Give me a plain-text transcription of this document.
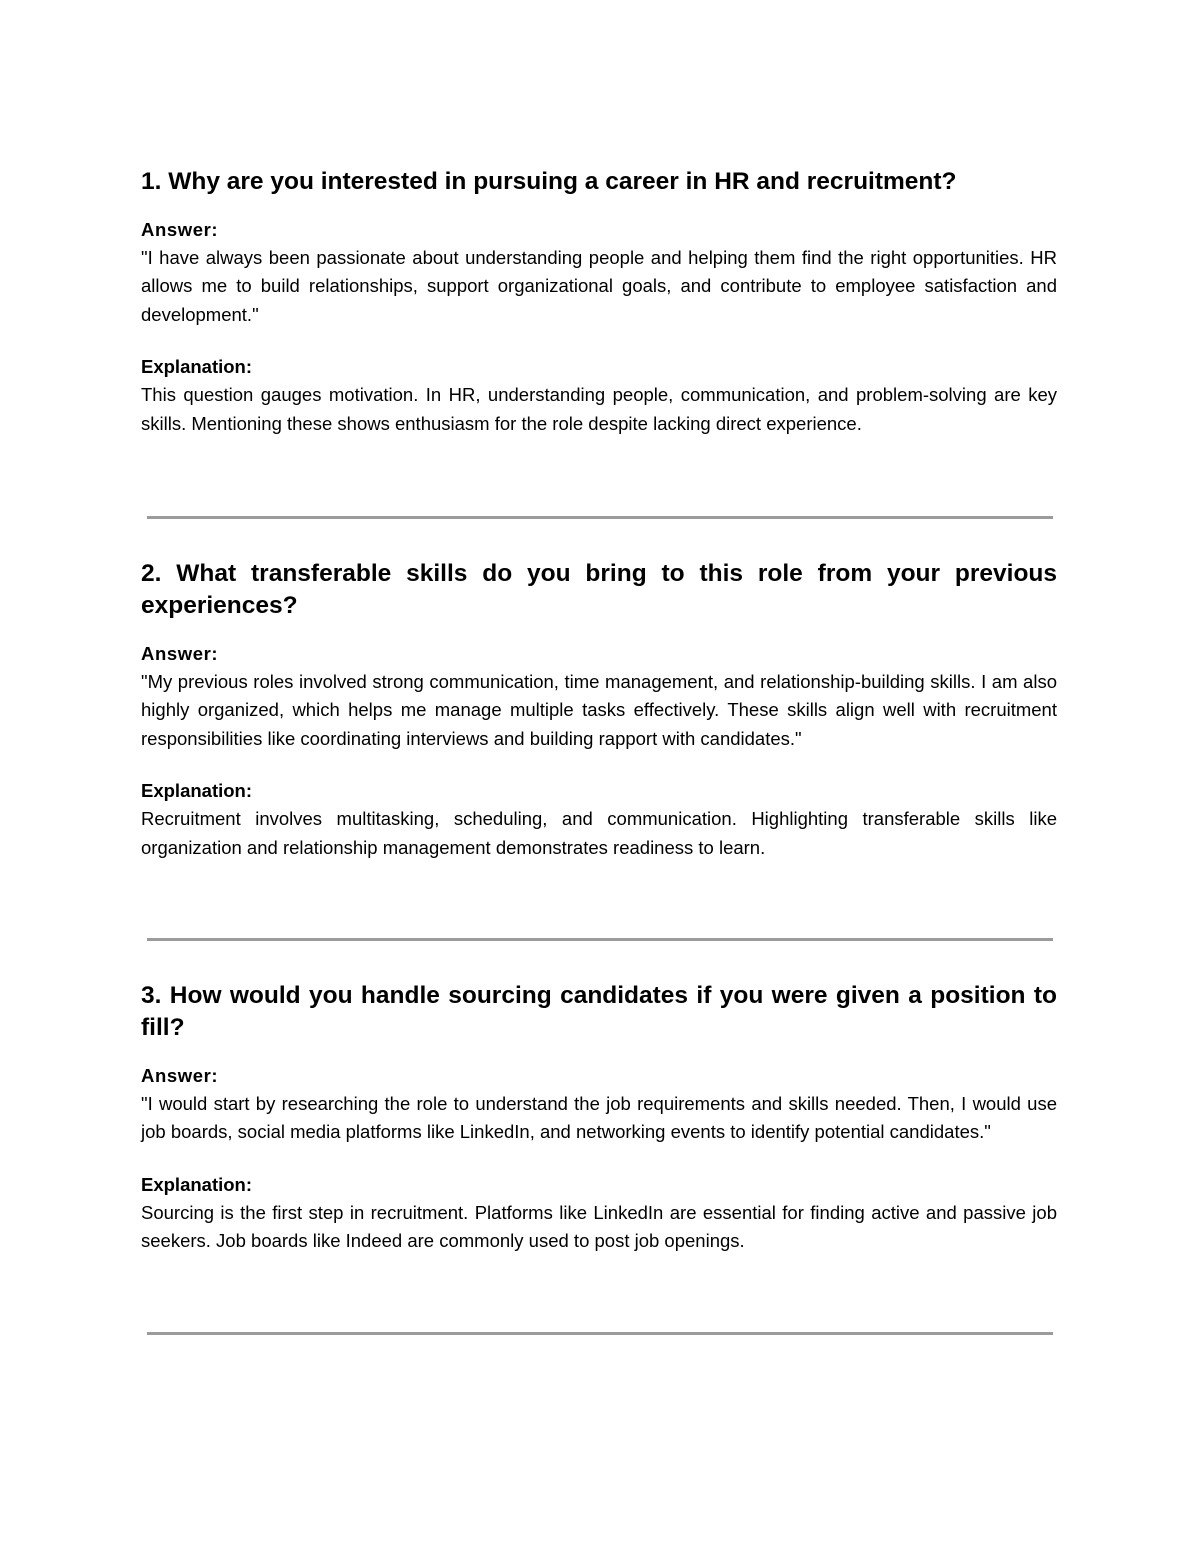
1. Why are you interested in pursuing a career in HR and recruitment?

Answer:

"I have always been passionate about understanding people and helping them find the right opportunities. HR allows me to build relationships, support organizational goals, and contribute to employee satisfaction and development."

Explanation:

This question gauges motivation. In HR, understanding people, communication, and problem-solving are key skills. Mentioning these shows enthusiasm for the role despite lacking direct experience.

2. What transferable skills do you bring to this role from your previous experiences?

Answer:

"My previous roles involved strong communication, time management, and relationship-building skills. I am also highly organized, which helps me manage multiple tasks effectively. These skills align well with recruitment responsibilities like coordinating interviews and building rapport with candidates."

Explanation:

Recruitment involves multitasking, scheduling, and communication. Highlighting transferable skills like organization and relationship management demonstrates readiness to learn.

3. How would you handle sourcing candidates if you were given a position to fill?

Answer:

"I would start by researching the role to understand the job requirements and skills needed. Then, I would use job boards, social media platforms like LinkedIn, and networking events to identify potential candidates."

Explanation:

Sourcing is the first step in recruitment. Platforms like LinkedIn are essential for finding active and passive job seekers. Job boards like Indeed are commonly used to post job openings.
